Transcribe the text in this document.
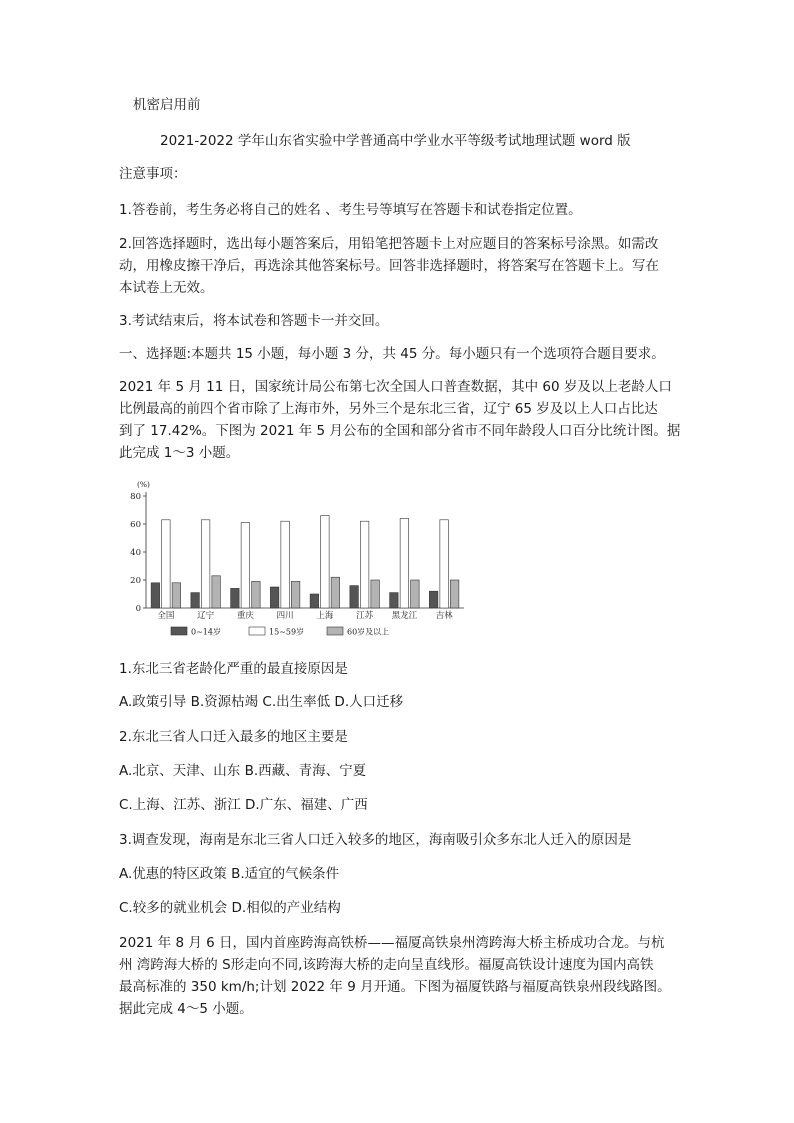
机密启用前
2021-2022 学年山东省实验中学普通高中学业水平等级考试地理试题 word 版
注意事项：
1.答卷前，考生务必将自己的姓名 、考生号等填写在答题卡和试卷指定位置。
2.回答选择题时，选出每小题答案后，用铅笔把答题卡上对应题目的答案标号涂黑。如需改
动，用橡皮擦干净后，再选涂其他答案标号。回答非选择题时，将答案写在答题卡上。写在
本试卷上无效。
3.考试结束后，将本试卷和答题卡一并交回。
一、选择题:本题共 15 小题，每小题 3 分，共 45 分。每小题只有一个选项符合题目要求。
2021 年 5 月 11 日，国家统计局公布第七次全国人口普查数据，其中 60 岁及以上老龄人口
比例最高的前四个省市除了上海市外，另外三个是东北三省，辽宁 65 岁及以上人口占比达
到了 17.42%。下图为 2021 年 5 月公布的全国和部分省市不同年龄段人口百分比统计图。据
此完成 1～3 小题。
(%)
0
20
40
60
80
全国	辽宁	重庆	四川	上海	江苏 黑龙江 吉林
0~14岁	15~59岁	60岁及以上
1.东北三省老龄化严重的最直接原因是
A.政策引导 B.资源枯竭 C.出生率低 D.人口迁移
2.东北三省人口迁入最多的地区主要是
A.北京、天津、山东 B.西藏、青海、宁夏
C.上海、江苏、浙江 D.广东、福建、广西
3.调查发现，海南是东北三省人口迁入较多的地区，海南吸引众多东北人迁入的原因是
A.优惠的特区政策 B.适宜的气候条件
C.较多的就业机会 D.相似的产业结构
2021 年 8 月 6 日，国内首座跨海高铁桥——福厦高铁泉州湾跨海大桥主桥成功合龙。与杭
州 湾跨海大桥的 S形走向不同,该跨海大桥的走向呈直线形。福厦高铁设计速度为国内高铁
最高标准的 350 km/h;计划 2022 年 9 月开通。下图为福厦铁路与福厦高铁泉州段线路图。
据此完成 4～5 小题。
